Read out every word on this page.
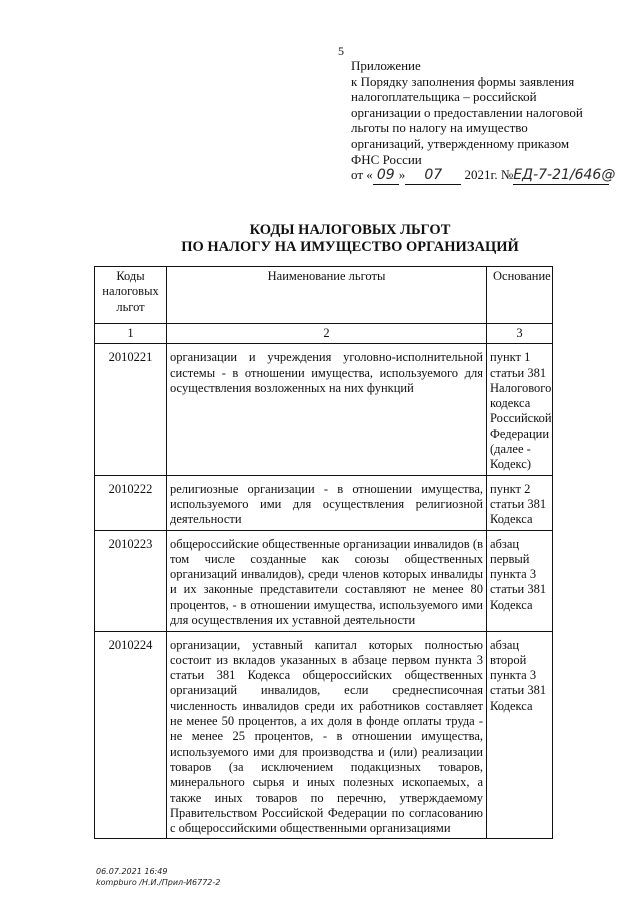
5
Приложение
к Порядку заполнения формы заявления
налогоплательщика – российской
организации о предоставлении налоговой
льготы по налогу на имущество
организаций, утвержденному приказом
ФНС России
от « 09 » 07 2021г. №ЕД-7-21/646@
КОДЫ НАЛОГОВЫХ ЛЬГОТ
ПО НАЛОГУ НА ИМУЩЕСТВО ОРГАНИЗАЦИЙ
Коды налоговых льгот	Наименование льготы	Основание
1	2	3
2010221	организации и учреждения уголовно-исполнительной системы - в отношении имущества, используемого для осуществления возложенных на них функций	пункт 1 статьи 381 Налогового кодекса Российской Федерации (далее - Кодекс)
2010222	религиозные организации - в отношении имущества, используемого ими для осуществления религиозной деятельности	пункт 2 статьи 381 Кодекса
2010223	общероссийские общественные организации инвалидов (в том числе созданные как союзы общественных организаций инвалидов), среди членов которых инвалиды и их законные представители составляют не менее 80 процентов, - в отношении имущества, используемого ими для осуществления их уставной деятельности	абзац первый пункта 3 статьи 381 Кодекса
2010224	организации, уставный капитал которых полностью состоит из вкладов указанных в абзаце первом пункта 3 статьи 381 Кодекса общероссийских общественных организаций инвалидов, если среднесписочная численность инвалидов среди их работников составляет не менее 50 процентов, а их доля в фонде оплаты труда - не менее 25 процентов, - в отношении имущества, используемого ими для производства и (или) реализации товаров (за исключением подакцизных товаров, минерального сырья и иных полезных ископаемых, а также иных товаров по перечню, утверждаемому Правительством Российской Федерации по согласованию с общероссийскими общественными организациями	абзац второй пункта 3 статьи 381 Кодекса
06.07.2021 16:49
kompburo /Н.И./Прил-И6772-2
